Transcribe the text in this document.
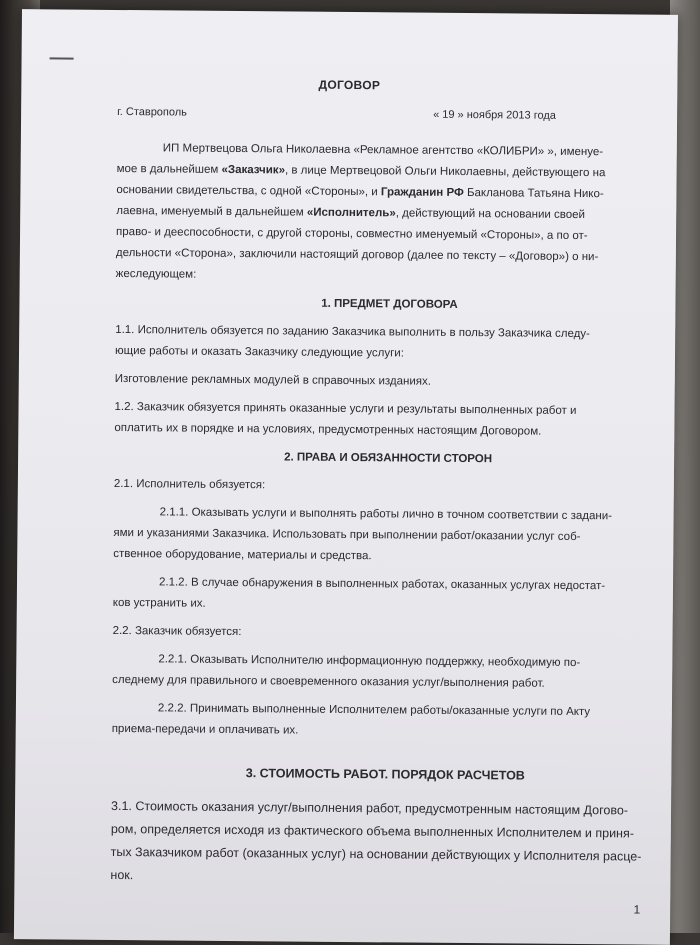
ДОГОВОР
г. Ставрополь	« 19 » ноября 2013 года

ИП Мертвецова Ольга Николаевна «Рекламное агентство «КОЛИБРИ» », именуе-

мое в дальнейшем «Заказчик», в лице Мертвецовой Ольги Николаевны, действующего на

основании свидетельства, с одной «Стороны», и Гражданин РФ Бакланова Татьяна Нико-

лаевна, именуемый в дальнейшем «Исполнитель», действующий на основании своей

право- и дееспособности, с другой стороны, совместно именуемый «Стороны», а по от-

дельности «Сторона», заключили настоящий договор (далее по тексту – «Договор») о ни-

жеследующем:

1. ПРЕДМЕТ ДОГОВОРА

1.1. Исполнитель обязуется по заданию Заказчика выполнить в пользу Заказчика следу-

ющие работы и оказать Заказчику следующие услуги:

Изготовление рекламных модулей в справочных изданиях.

1.2. Заказчик обязуется принять оказанные услуги и результаты выполненных работ и

оплатить их в порядке и на условиях, предусмотренных настоящим Договором.

2. ПРАВА И ОБЯЗАННОСТИ СТОРОН

2.1. Исполнитель обязуется:

2.1.1. Оказывать услуги и выполнять работы лично в точном соответствии с задани-

ями и указаниями Заказчика. Использовать при выполнении работ/оказании услуг соб-

ственное оборудование, материалы и средства.

2.1.2. В случае обнаружения в выполненных работах, оказанных услугах недостат-

ков устранить их.

2.2. Заказчик обязуется:

2.2.1. Оказывать Исполнителю информационную поддержку, необходимую по-

следнему для правильного и своевременного оказания услуг/выполнения работ.

2.2.2. Принимать выполненные Исполнителем работы/оказанные услуги по Акту

приема-передачи и оплачивать их.

3. СТОИМОСТЬ РАБОТ. ПОРЯДОК РАСЧЕТОВ

3.1. Стоимость оказания услуг/выполнения работ, предусмотренным настоящим Догово-

ром, определяется исходя из фактического объема выполненных Исполнителем и приня-

тых Заказчиком работ (оказанных услуг) на основании действующих у Исполнителя расце-

нок.

1
